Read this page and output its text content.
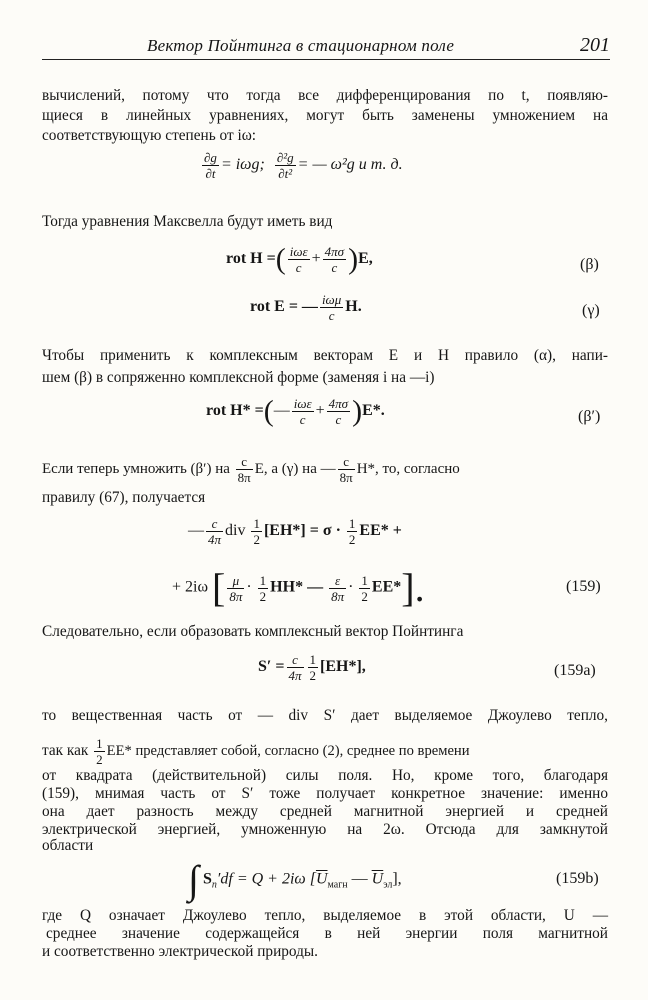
Вектор Пойнтинга в стационарном поле	201
вычислений, потому что тогда все дифференцирования по t, появляю-
щиеся в линейных уравнениях, могут быть заменены умножением на
соответствующую степень от iω:
$\frac{\partial g}{\partial t} = i\omega g$; $\frac{\text{∂²g}}{\text{∂t²}}$ = — ω²g и т. д.
Тогда уравнения Максвелла будут иметь вид
rot H =( $\frac{\text{iωε}}{c} + \frac{4\pi\sigma}{c} )E$,	(β)
rot E = — $\frac{\text{iωμ}}{c} H$.	(γ)
Чтобы применить к комплексным векторам E и H правило (α), напи-
шем (β) в сопряженно комплексной форме (заменяя i на —i)
rot H* =(— $\frac{\text{iωε}}{c} + \frac{4\pi\sigma}{c} )E*$.	(β′)
Если теперь умножить (β′) на $\frac{c}{8\pi} E$, а (γ) на — $\frac{c}{8\pi} H*$, то, согласно
правилу (67), получается
— $\frac{c}{4\pi}$ div $\frac{1}{2} [EH*] = \sigma \cdot \frac{1}{2} EE*$ +
+ 2iω [ $\frac{\mu}{8\pi} \cdot \frac{1}{2} HH*$ — $\frac{\varepsilon}{8\pi} \cdot \frac{1}{2} EE*$].	(159)
Следовательно, если образовать комплексный вектор Пойнтинга
$S' = \frac{c}{4\pi} \frac{1}{2} [EH*]$,	(159a)
то вещественная часть от — div S′ дает выделяемое Джоулево тепло,
так как $\frac{1}{2} EE*$ представляет собой, согласно (2), среднее по времени
от квадрата (действительной) силы поля. Но, кроме того, благодаря
(159), мнимая часть от S′ тоже получает конкретное значение: именно
она дает разность между средней магнитной энергией и средней
электрической энергией, умноженную на 2ω. Отсюда для замкнутой
области
∫ $S_n'df = Q + 2i\omega$ [$\overline{U}_{магн}$ — $\overline{U}_{эл}$],	(159b)
где Q означает Джоулево тепло, выделяемое в этой области, U —
среднее значение содержащейся в ней энергии поля магнитной
и соответственно электрической природы.
